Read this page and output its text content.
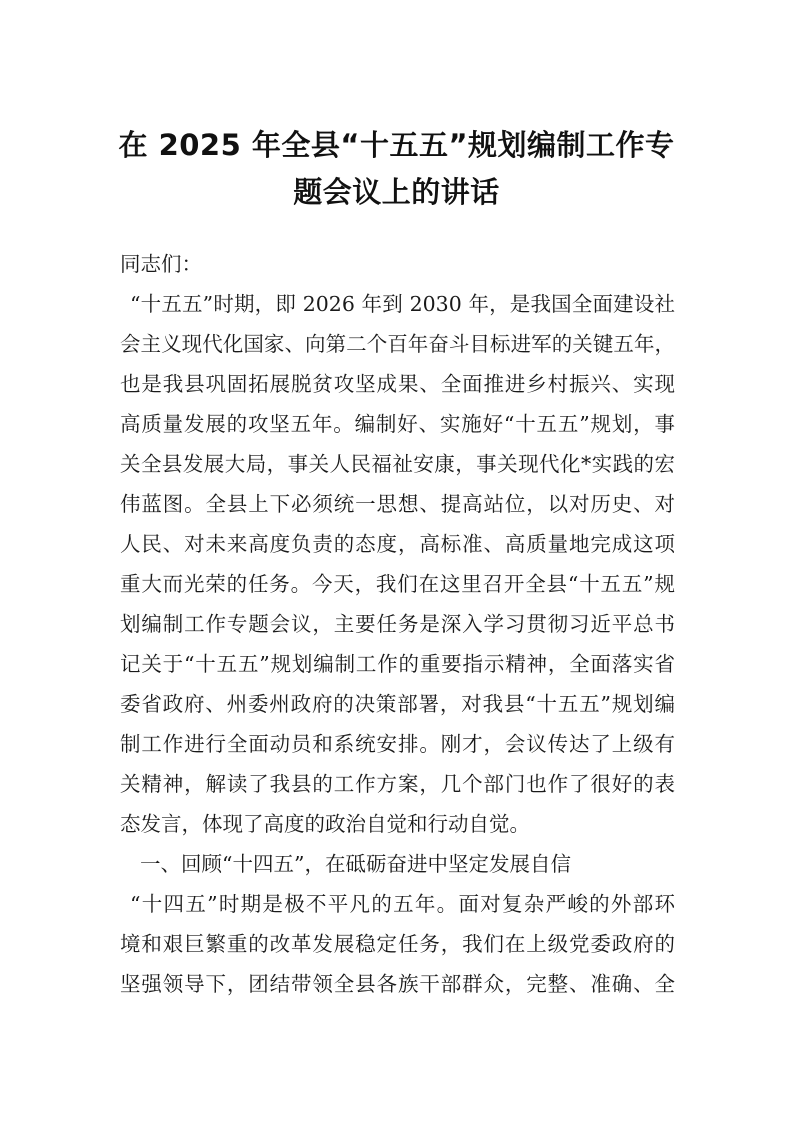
在 2025 年全县“十五五”规划编制工作专
题会议上的讲话
同志们：
“十五五”时期，即 2026 年到 2030 年，是我国全面建设社
会主义现代化国家、向第二个百年奋斗目标进军的关键五年，
也是我县巩固拓展脱贫攻坚成果、全面推进乡村振兴、实现
高质量发展的攻坚五年。编制好、实施好“十五五”规划，事
关全县发展大局，事关人民福祉安康，事关现代化*实践的宏
伟蓝图。全县上下必须统一思想、提高站位，以对历史、对
人民、对未来高度负责的态度，高标准、高质量地完成这项
重大而光荣的任务。今天，我们在这里召开全县“十五五”规
划编制工作专题会议，主要任务是深入学习贯彻习近平总书
记关于“十五五”规划编制工作的重要指示精神，全面落实省
委省政府、州委州政府的决策部署，对我县“十五五”规划编
制工作进行全面动员和系统安排。刚才，会议传达了上级有
关精神，解读了我县的工作方案，几个部门也作了很好的表
态发言，体现了高度的政治自觉和行动自觉。
一、回顾“十四五”，在砥砺奋进中坚定发展自信
“十四五”时期是极不平凡的五年。面对复杂严峻的外部环
境和艰巨繁重的改革发展稳定任务，我们在上级党委政府的
坚强领导下，团结带领全县各族干部群众，完整、准确、全
